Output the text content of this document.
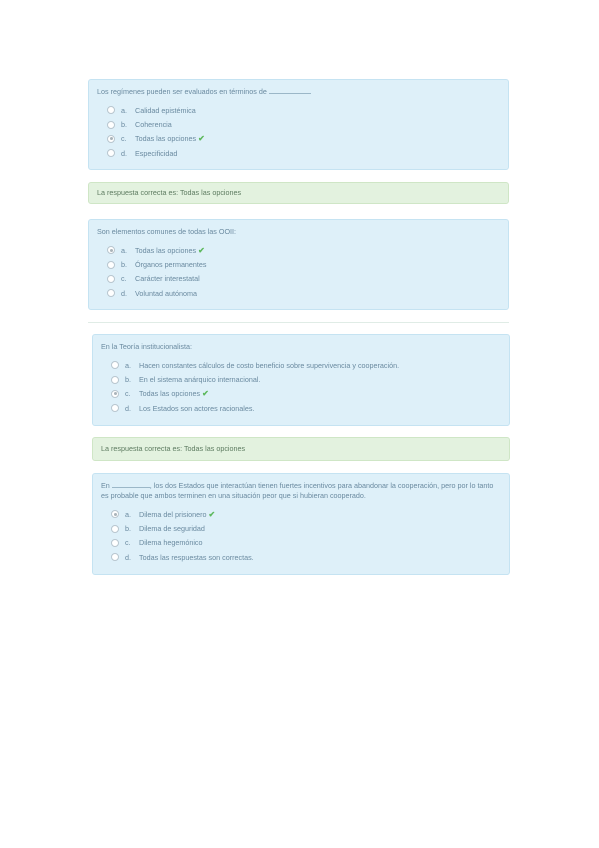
Los regímenes pueden ser evaluados en términos de
a.	Calidad epistémica
b.	Coherencia
c.	Todas las opciones ✔
d.	Especificidad
La respuesta correcta es: Todas las opciones
Son elementos comunes de todas las OOII:
a.	Todas las opciones ✔
b.	Órganos permanentes
c.	Carácter interestatal
d.	Voluntad autónoma
En la Teoría institucionalista:
a.	Hacen constantes cálculos de costo beneficio sobre supervivencia y cooperación.
b.	En el sistema anárquico internacional.
c.	Todas las opciones ✔
d.	Los Estados son actores racionales.
La respuesta correcta es: Todas las opciones
En	, los dos Estados que interactúan tienen fuertes incentivos para abandonar la cooperación, pero por lo tanto es probable que ambos terminen en una situación peor que si hubieran cooperado.
a.	Dilema del prisionero ✔
b.	Dilema de seguridad
c.	Dilema hegemónico
d.	Todas las respuestas son correctas.
